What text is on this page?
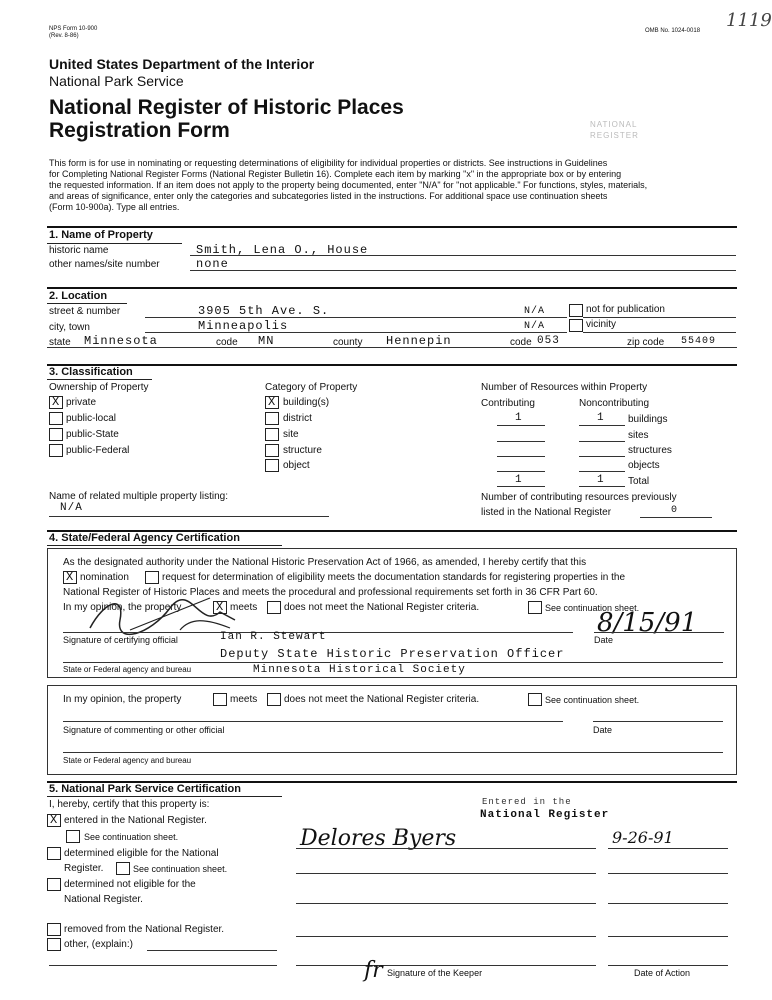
NPS Form 10-900
(Rev. 8-86)
OMB No. 1024-0018 1119
United States Department of the Interior
National Park Service
National Register of Historic Places
Registration Form	NATIONAL
REGISTER
This form is for use in nominating or requesting determinations of eligibility for individual properties or districts. See instructions in Guidelines
for Completing National Register Forms (National Register Bulletin 16). Complete each item by marking "x" in the appropriate box or by entering
the requested information. If an item does not apply to the property being documented, enter "N/A" for "not applicable." For functions, styles, materials,
and areas of significance, enter only the categories and subcategories listed in the instructions. For additional space use continuation sheets
(Form 10-900a). Type all entries.
1. Name of Property
historic name	Smith, Lena O., House
other names/site number	none
2. Location
street & number	3905 5th Ave. S.	N/A	not for publication
city, town	Minneapolis	N/A	vicinity
state Minnesota	code MN	county Hennepin	code 053	zip code 55409
3. Classification
Ownership of Property
X
private
public-local
public-State
public-Federal
Category of Property
X
building(s)
district
site
structure
object
Number of Resources within Property
Contributing	Noncontributing
1	1 buildings
sites
structures
objects
1	1 Total
Name of related multiple property listing:
N/A
Number of contributing resources previously
listed in the National Register	0
4. State/Federal Agency Certification
As the designated authority under the National Historic Preservation Act of 1966, as amended, I hereby certify that this
X
nomination	request for determination of eligibility meets the documentation standards for registering properties in the
National Register of Historic Places and meets the procedural and professional requirements set forth in 36 CFR Part 60.
In my opinion, the property
X	meets	does not meet the National Register criteria.	See continuation sheet.
Signature of certifying official	Ian R. Stewart
Deputy State Historic Preservation Officer
8/15/91
Date
State or Federal agency and bureau	Minnesota Historical Society
In my opinion, the property	meets	does not meet the National Register criteria.	See continuation sheet.
Signature of commenting or other official	Date
State or Federal agency and bureau
5. National Park Service Certification
I, hereby, certify that this property is:
X
entered in the National Register.
See continuation sheet.
determined eligible for the National
Register.	See continuation sheet.
determined not eligible for the
National Register.
removed from the National Register.
other, (explain:)
Entered in the
National Register
Delores Byers	9-26-91
fr Signature of the Keeper	Date of Action
